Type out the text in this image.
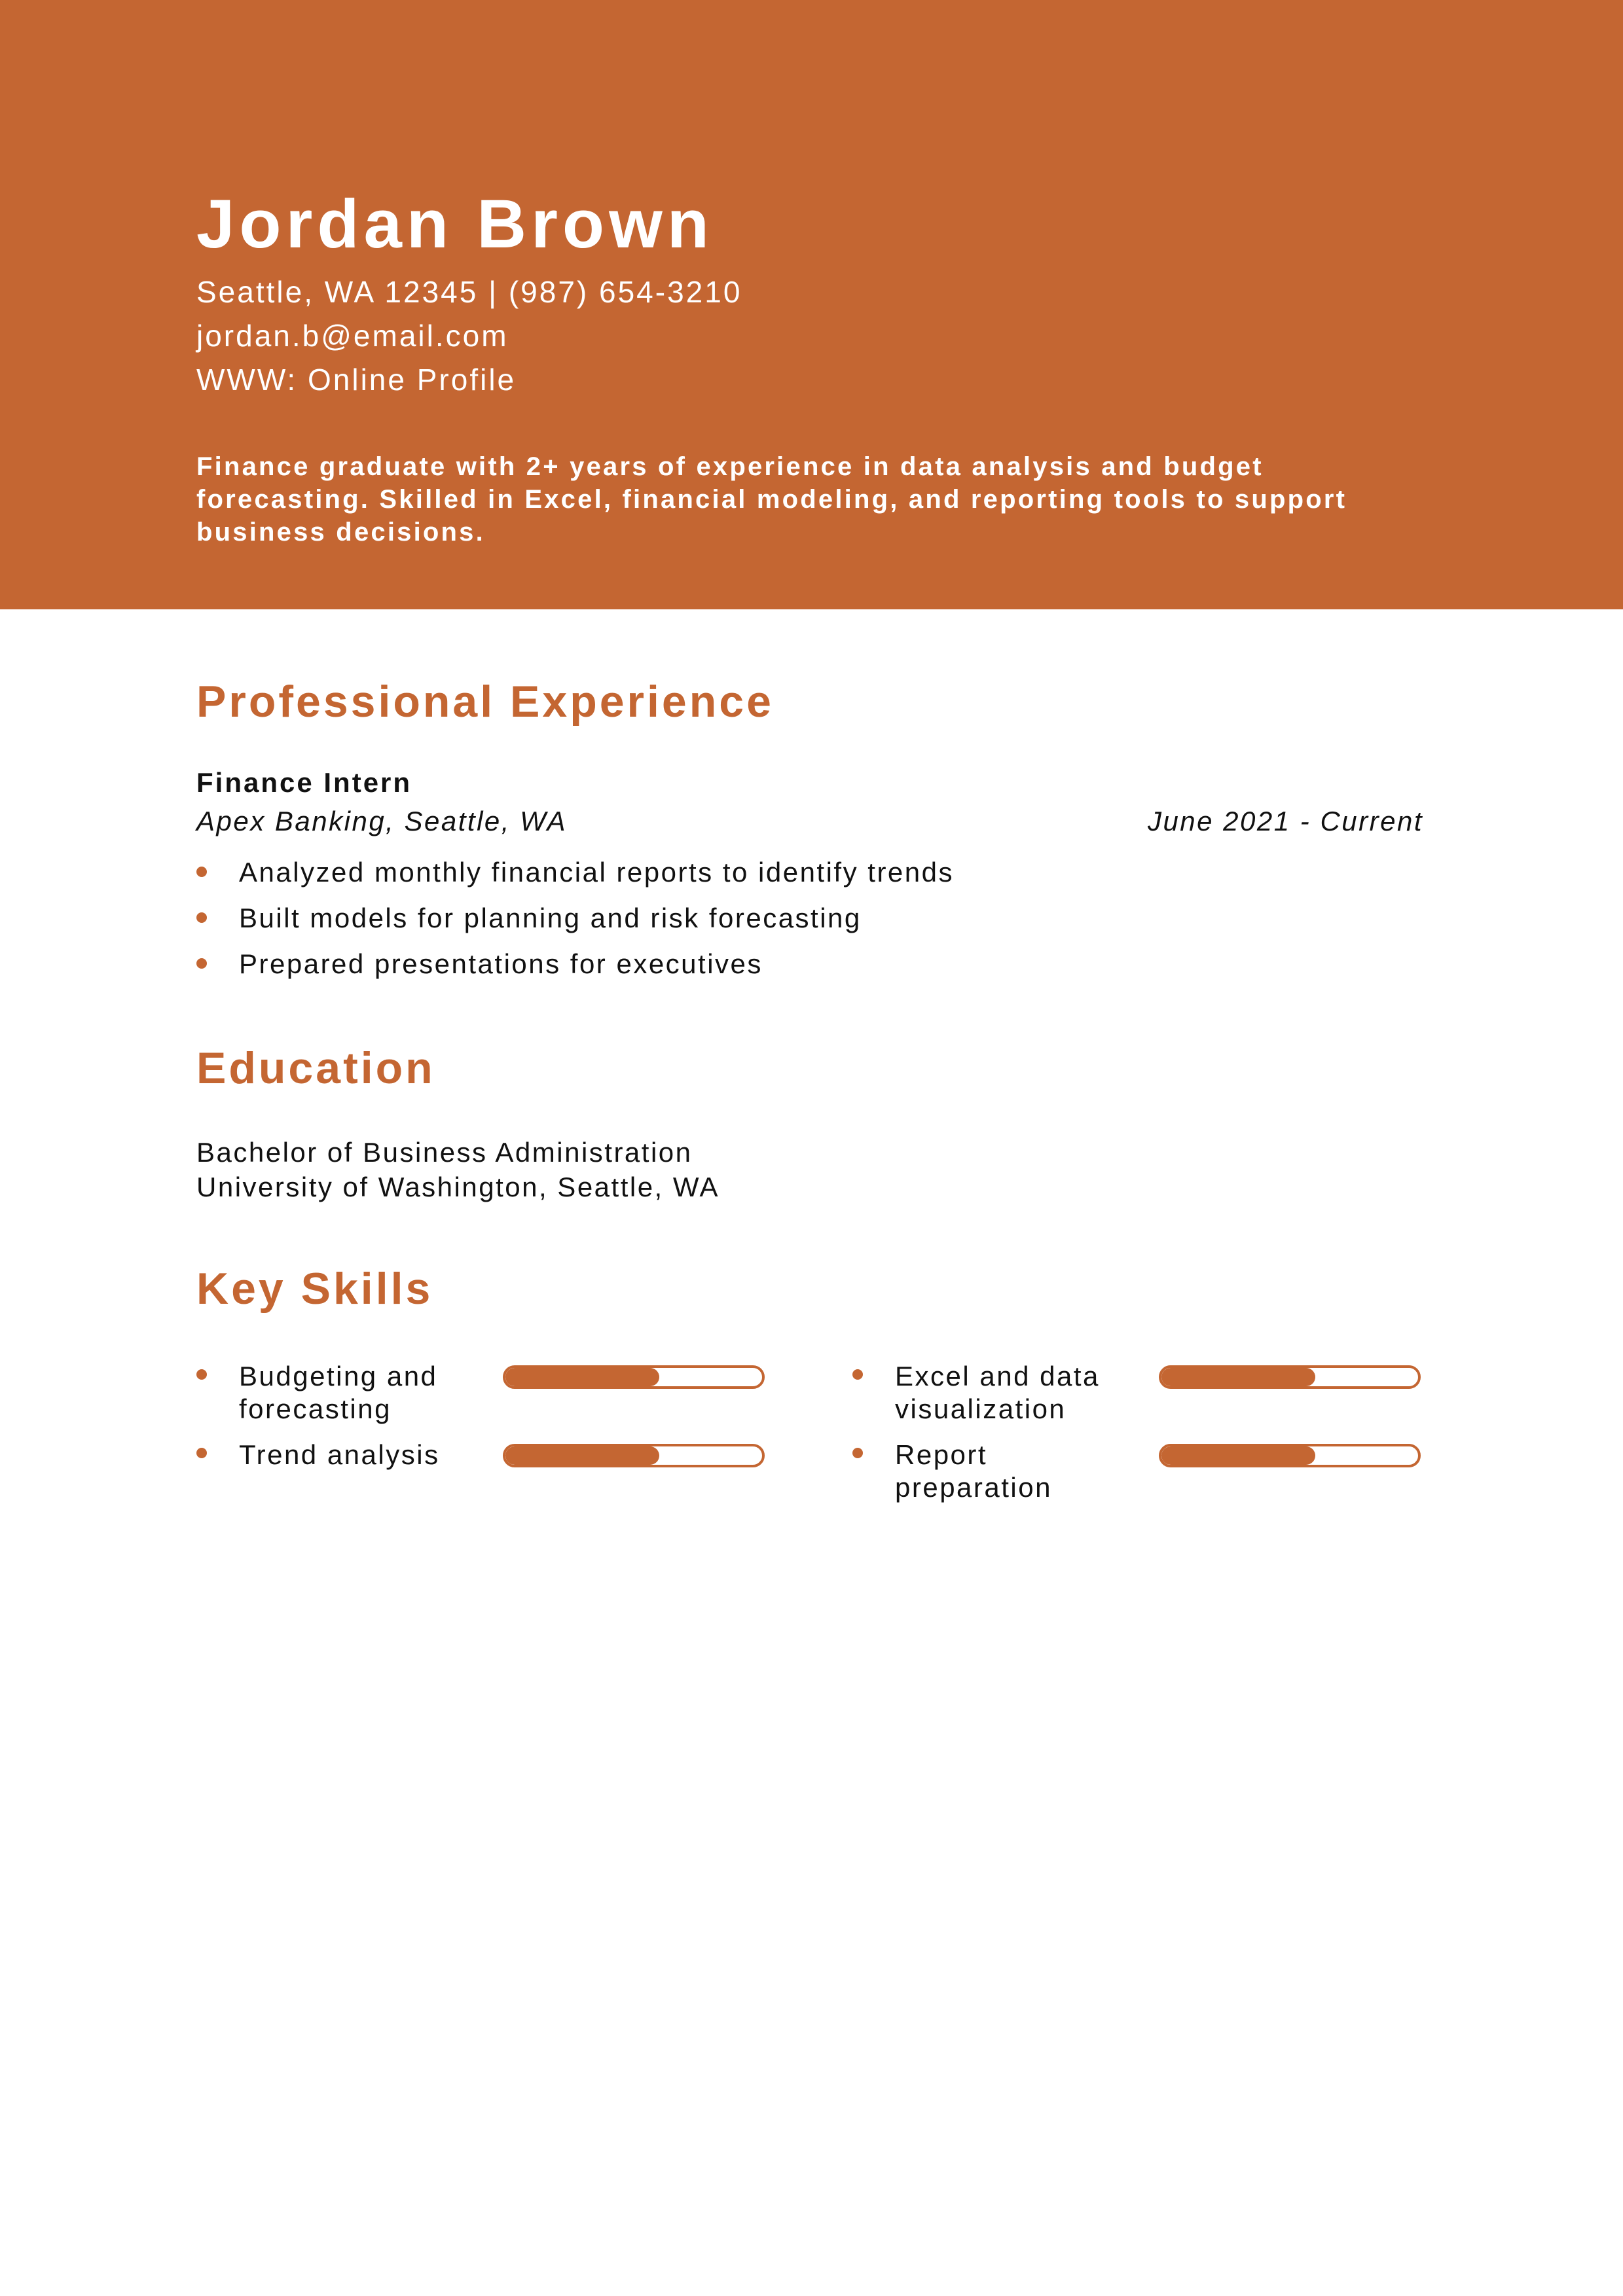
Jordan Brown
Seattle, WA 12345 | (987) 654-3210
jordan.b@email.com
WWW: Online Profile
Finance graduate with 2+ years of experience in data analysis and budget forecasting. Skilled in Excel, financial modeling, and reporting tools to support business decisions.
Professional Experience
Finance Intern
Apex Banking, Seattle, WA	June 2021 - Current
Analyzed monthly financial reports to identify trends
Built models for planning and risk forecasting
Prepared presentations for executives
Education
Bachelor of Business Administration
University of Washington, Seattle, WA
Key Skills
Budgeting and forecasting
Excel and data visualization
Trend analysis	Report preparation
